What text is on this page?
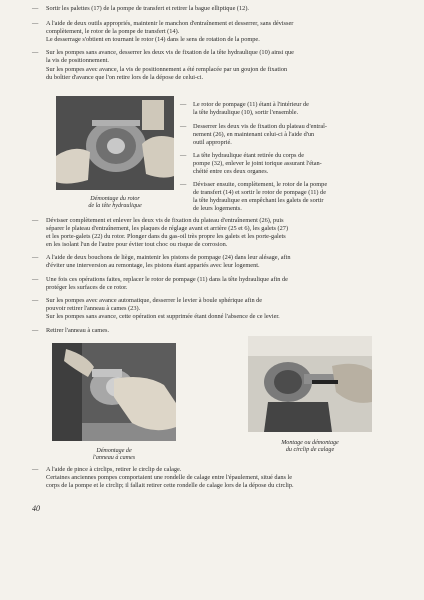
— Sortir les palettes (17) de la pompe de transfert et retirer la bague elliptique (12).
— A l'aide de deux outils appropriés, maintenir le manchon d'entraînement et desserrer, sans dévisser
complètement, le rotor de la pompe de transfert (14).
Le desserrage s'obtient en tournant le rotor (14) dans le sens de rotation de la pompe.
— Sur les pompes sans avance, desserrer les deux vis de fixation de la tête hydraulique (10) ainsi que
la vis de positionnement.
Sur les pompes avec avance, la vis de positionnement a été remplacée par un goujon de fixation
du boîtier d'avance que l'on retire lors de la dépose de celui-ci.
Démontage du rotor
de la tête hydraulique
— Le rotor de pompage (11) étant à l'intérieur de
la tête hydraulique (10), sortir l'ensemble.
— Desserrer les deux vis de fixation du plateau d'entraî-
nement (26), en maintenant celui-ci à l'aide d'un
outil approprié.
— La tête hydraulique étant retirée du corps de
pompe (32), enlever le joint torique assurant l'étan-
chéité entre ces deux organes.
— Dévisser ensuite, complètement, le rotor de la pompe
de transfert (14) et sortir le rotor de pompage (11) de
la tête hydraulique en empêchant les galets de sortir
de leurs logements.
— Dévisser complètement et enlever les deux vis de fixation du plateau d'entraînement (26), puis
séparer le plateau d'entraînement, les plaques de réglage avant et arrière (25 et 6), les galets (27)
et les porte-galets (22) du rotor. Plonger dans du gas-oil très propre les galets et les porte-galets
en les isolant l'un de l'autre pour éviter tout choc ou risque de corrosion.
— A l'aide de deux bouchons de liège, maintenir les pistons de pompage (24) dans leur alésage, afin
d'éviter une interversion au remontage, les pistons étant appariés avec leur logement.
— Une fois ces opérations faites, replacer le rotor de pompage (11) dans la tête hydraulique afin de
protéger les surfaces de ce rotor.
— Sur les pompes avec avance automatique, desserrer le levier à boule sphérique afin de
pouvoir retirer l'anneau à cames (23).
Sur les pompes sans avance, cette opération est supprimée étant donné l'absence de ce levier.
— Retirer l'anneau à cames.
Démontage de
l'anneau à cames
Montage ou démontage
du circlip de calage
— A l'aide de pince à circlips, retirer le circlip de calage.
Certaines anciennes pompes comportaient une rondelle de calage entre l'épaulement, situé dans le
corps de la pompe et le circlip; il fallait retirer cette rondelle de calage lors de la dépose du circlip.
40
